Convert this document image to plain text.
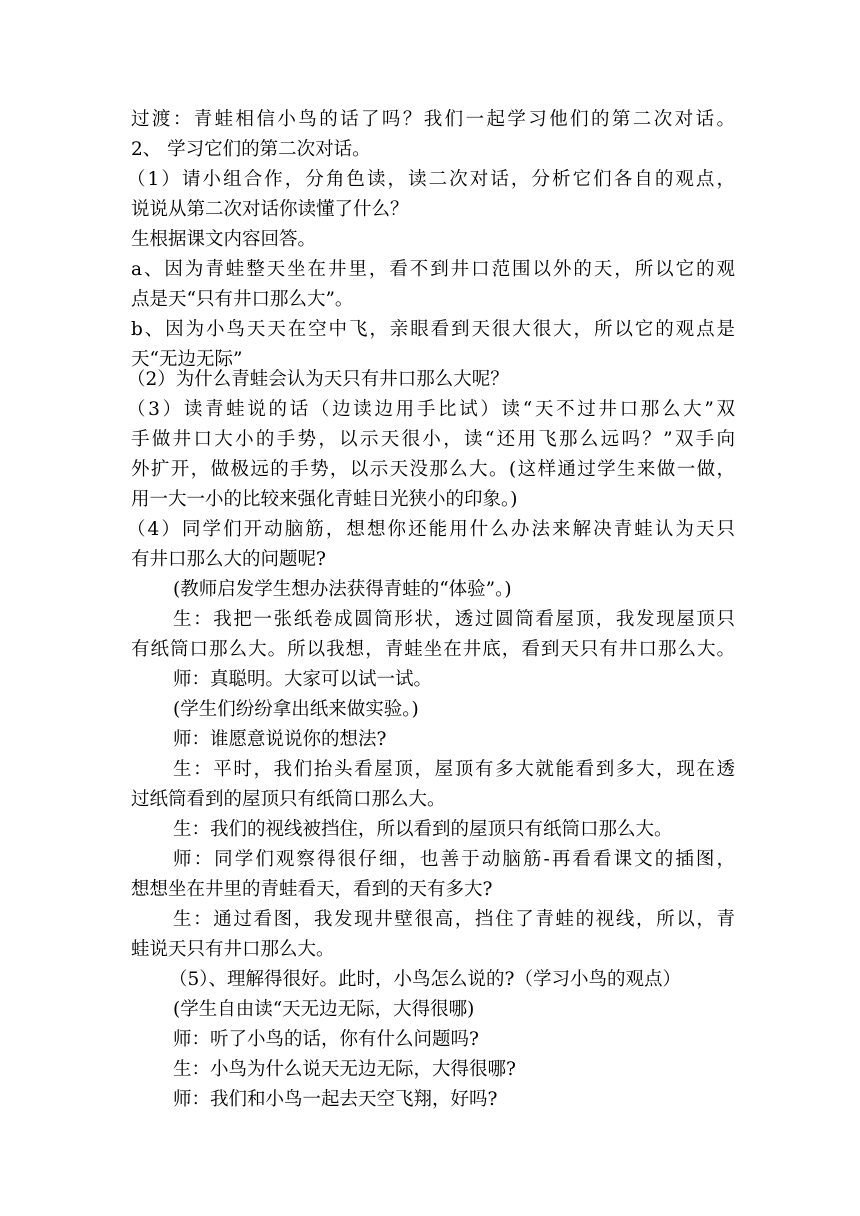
过渡：青蛙相信小鸟的话了吗？我们一起学习他们的第二次对话。
2、 学习它们的第二次对话。
（1）请小组合作，分角色读，读二次对话，分析它们各自的观点，
说说从第二次对话你读懂了什么？
生根据课文内容回答。
a、因为青蛙整天坐在井里，看不到井口范围以外的天，所以它的观
点是天“只有井口那么大”。
b、因为小鸟天天在空中飞，亲眼看到天很大很大，所以它的观点是
天“无边无际”
（2）为什么青蛙会认为天只有井口那么大呢？
（3）读青蛙说的话（边读边用手比试）读“天不过井口那么大”双
手做井口大小的手势，以示天很小，读“还用飞那么远吗？”双手向
外扩开，做极远的手势，以示天没那么大。(这样通过学生来做一做，
用一大一小的比较来强化青蛙日光狭小的印象。)
（4）同学们开动脑筋，想想你还能用什么办法来解决青蛙认为天只
有井口那么大的问题呢?
(教师启发学生想办法获得青蛙的“体验”。)
生：我把一张纸卷成圆筒形状，透过圆筒看屋顶，我发现屋顶只
有纸筒口那么大。所以我想，青蛙坐在井底，看到天只有井口那么大。
师：真聪明。大家可以试一试。
(学生们纷纷拿出纸来做实验。)
师：谁愿意说说你的想法?
生：平时，我们抬头看屋顶，屋顶有多大就能看到多大，现在透
过纸筒看到的屋顶只有纸筒口那么大。
生：我们的视线被挡住，所以看到的屋顶只有纸筒口那么大。
师：同学们观察得很仔细，也善于动脑筋-再看看课文的插图，
想想坐在井里的青蛙看天，看到的天有多大?
生：通过看图，我发现井壁很高，挡住了青蛙的视线，所以，青
蛙说天只有井口那么大。
（5）、理解得很好。此时，小鸟怎么说的?（学习小鸟的观点）
(学生自由读“天无边无际，大得很哪)
师：听了小鸟的话，你有什么问题吗?
生：小鸟为什么说天无边无际，大得很哪?
师：我们和小鸟一起去天空飞翔，好吗?
